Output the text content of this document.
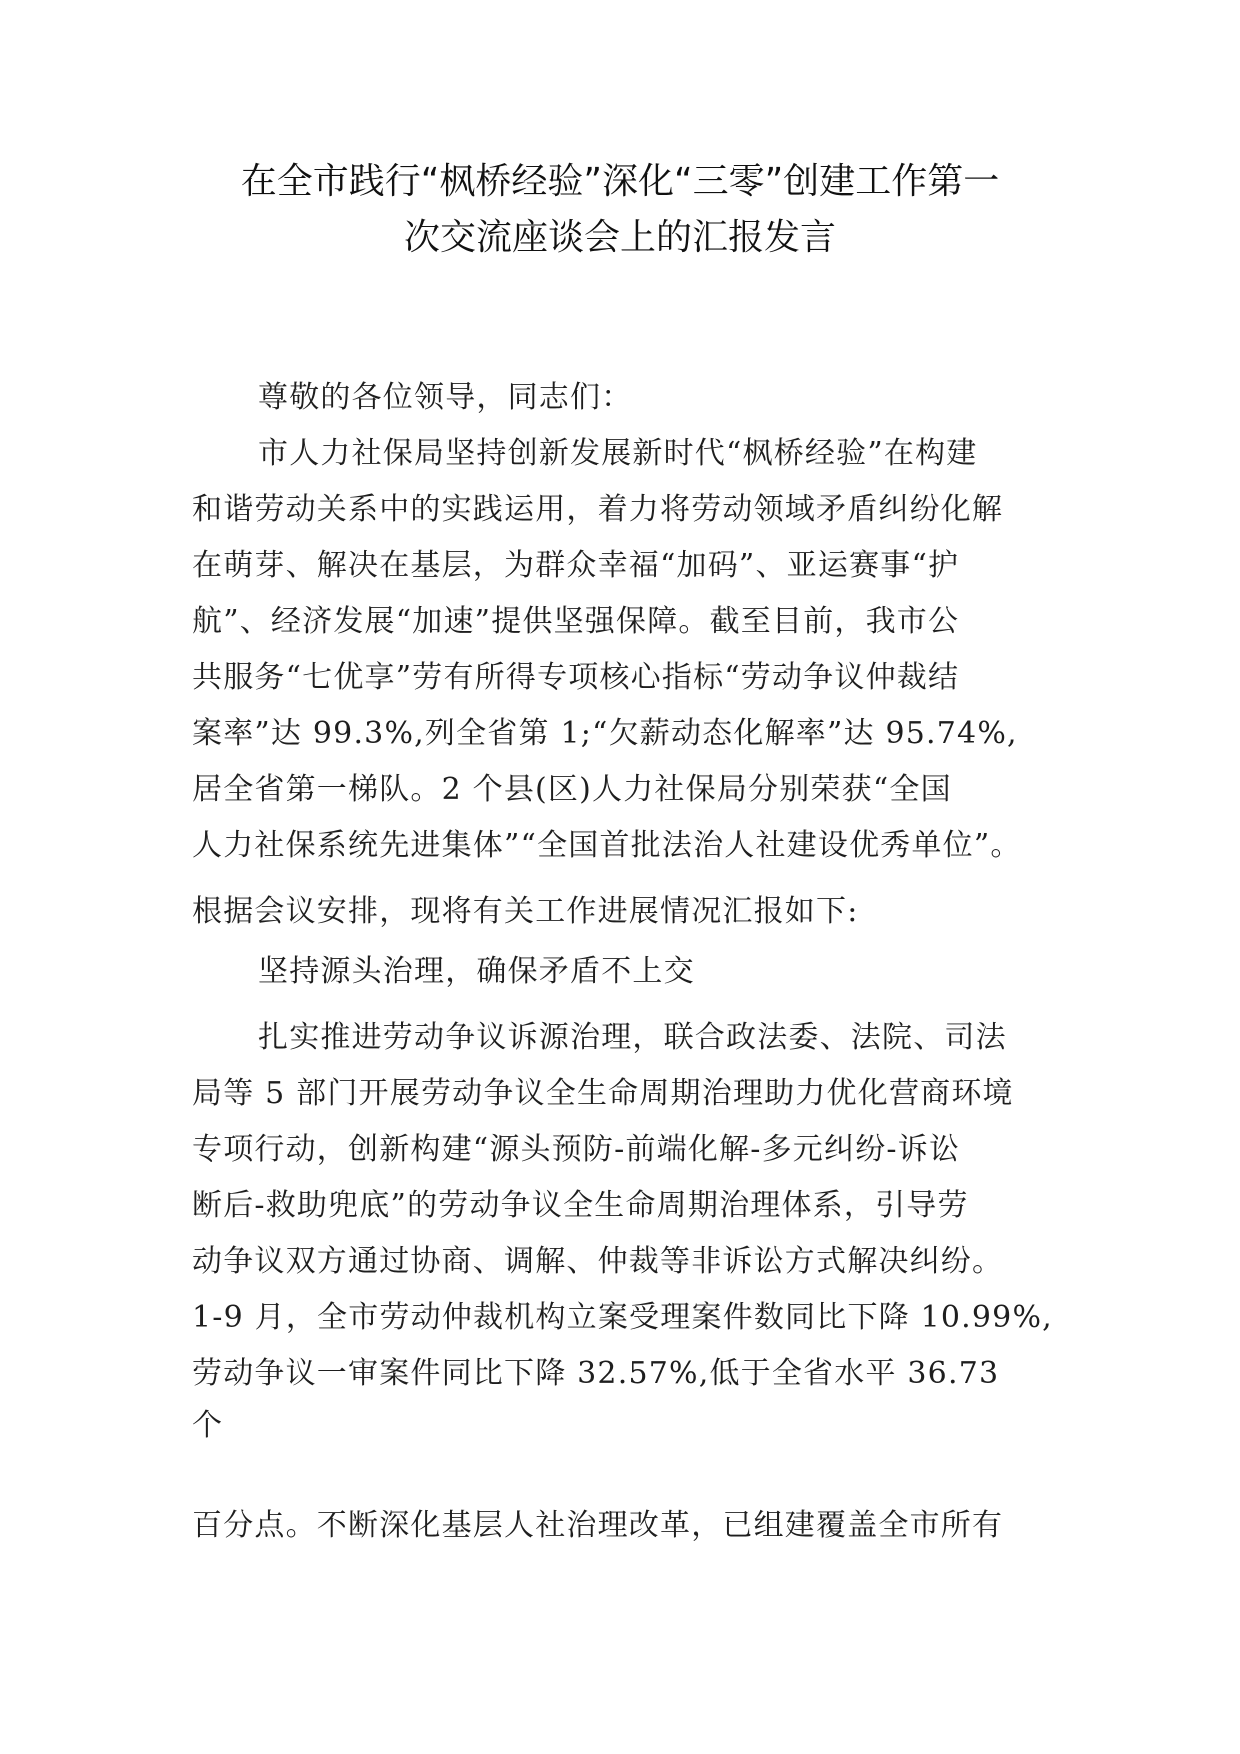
在全市践行“枫桥经验”深化“三零”创建工作第一
次交流座谈会上的汇报发言
尊敬的各位领导，同志们：
市人力社保局坚持创新发展新时代“枫桥经验”在构建
和谐劳动关系中的实践运用，着力将劳动领域矛盾纠纷化解
在萌芽、解决在基层，为群众幸福“加码”、亚运赛事“护
航”、经济发展“加速”提供坚强保障。截至目前，我市公
共服务“七优享”劳有所得专项核心指标“劳动争议仲裁结
案率”达 99.3%,列全省第 1;“欠薪动态化解率”达 95.74%,
居全省第一梯队。2 个县(区)人力社保局分别荣获“全国
人力社保系统先进集体”“全国首批法治人社建设优秀单位”。
根据会议安排，现将有关工作进展情况汇报如下:
坚持源头治理，确保矛盾不上交
扎实推进劳动争议诉源治理，联合政法委、法院、司法
局等 5 部门开展劳动争议全生命周期治理助力优化营商环境
专项行动，创新构建“源头预防-前端化解-多元纠纷-诉讼
断后-救助兜底”的劳动争议全生命周期治理体系，引导劳
动争议双方通过协商、调解、仲裁等非诉讼方式解决纠纷。
1-9 月，全市劳动仲裁机构立案受理案件数同比下降 10.99%,
劳动争议一审案件同比下降 32.57%,低于全省水平 36.73
个
百分点。不断深化基层人社治理改革，已组建覆盖全市所有
